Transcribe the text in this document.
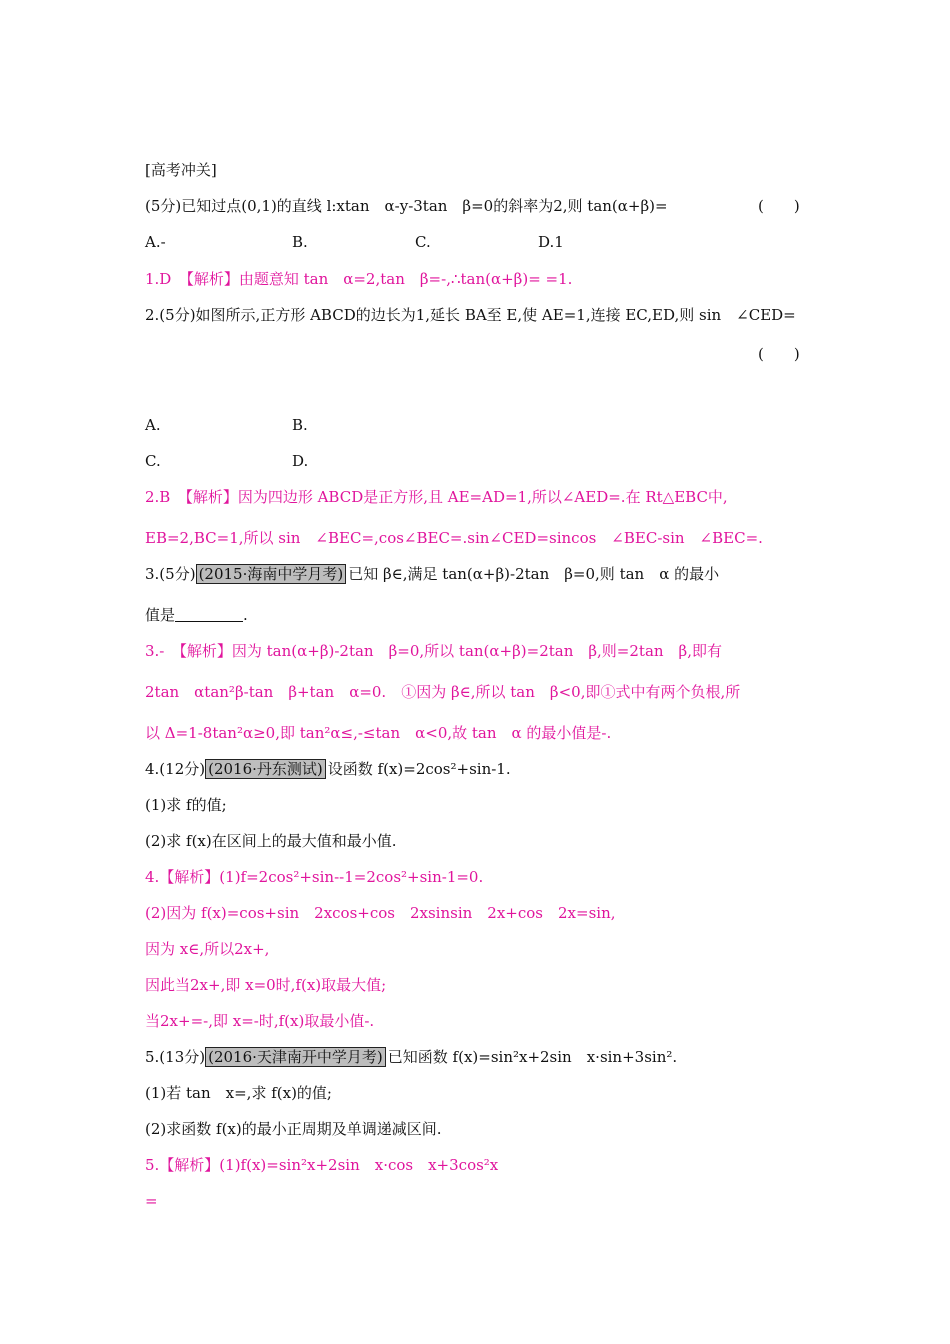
[高考冲关]
(5分)已知过点(0,1)的直线 l:xtan　α-y-3tan　β=0的斜率为2,则 tan(α+β)=	(　　)
A.-	B.	C.	D.1
1.D　【解析】由题意知 tan　α=2,tan　β=-,∴tan(α+β)= =1.
2.(5分)如图所示,正方形 ABCD的边长为1,延长 BA至 E,使 AE=1,连接 EC,ED,则 sin　∠CED=
(　　)
A.	B.
C.	D.
2.B　【解析】因为四边形 ABCD是正方形,且 AE=AD=1,所以∠AED=.在 Rt△EBC中,
EB=2,BC=1,所以 sin　∠BEC=,cos∠BEC=.sin∠CED=sincos　∠BEC-sin　∠BEC=.
3.(5分) (2015·海南中学月考) 已知 β∈,满足 tan(α+β)-2tan　β=0,则 tan　α 的最小
值是	.
3.-　【解析】因为 tan(α+β)-2tan　β=0,所以 tan(α+β)=2tan　β,则=2tan　β,即有
2tan　αtan²β-tan　β+tan　α=0.　①因为 β∈,所以 tan　β<0,即①式中有两个负根,所
以 Δ=1-8tan²α≥0,即 tan²α≤,-≤tan　α<0,故 tan　α 的最小值是-.
4.(12分) (2016·丹东测试) 设函数 f(x)=2cos²+sin-1.
(1)求 f的值;
(2)求 f(x)在区间上的最大值和最小值.
4.【解析】(1)f=2cos²+sin--1=2cos²+sin-1=0.
(2)因为 f(x)=cos+sin　2xcos+cos　2xsinsin　2x+cos　2x=sin,
因为 x∈,所以2x+,
因此当2x+,即 x=0时,f(x)取最大值;
当2x+=-,即 x=-时,f(x)取最小值-.
5.(13分) (2016·天津南开中学月考) 已知函数 f(x)=sin²x+2sin　x·sin+3sin².
(1)若 tan　x=,求 f(x)的值;
(2)求函数 f(x)的最小正周期及单调递减区间.
5.【解析】(1)f(x)=sin²x+2sin　x·cos　x+3cos²x
=
